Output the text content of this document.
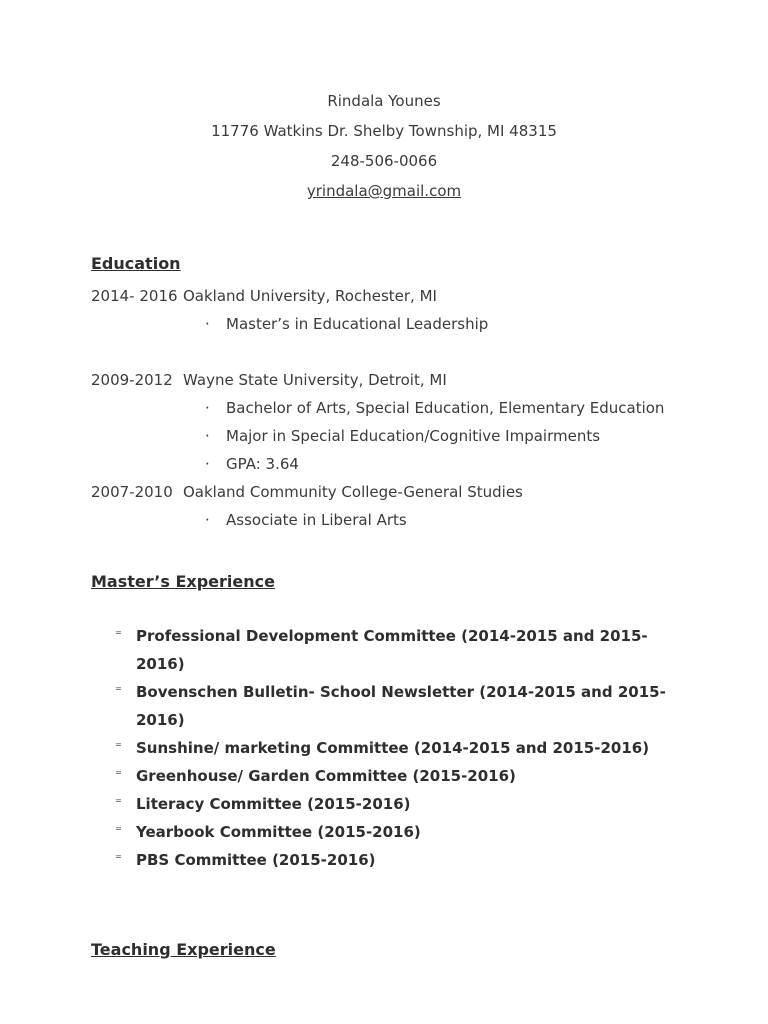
Rindala Younes
11776 Watkins Dr. Shelby Township, MI 48315
248-506-0066
yrindala@gmail.com
Education
2014- 2016 Oakland University, Rochester, MI
·	Master’s in Educational Leadership
2009-2012 Wayne State University, Detroit, MI
·	Bachelor of Arts, Special Education, Elementary Education
·	Major in Special Education/Cognitive Impairments
·	GPA: 3.64
2007-2010 Oakland Community College-General Studies
·	Associate in Liberal Arts
Master’s Experience
⁼ Professional Development Committee (2014-2015 and 2015-2016)
⁼ Bovenschen Bulletin- School Newsletter (2014-2015 and 2015-2016)
⁼ Sunshine/ marketing Committee (2014-2015 and 2015-2016)
⁼ Greenhouse/ Garden Committee (2015-2016)
⁼ Literacy Committee (2015-2016)
⁼ Yearbook Committee (2015-2016)
⁼ PBS Committee (2015-2016)
Teaching Experience
